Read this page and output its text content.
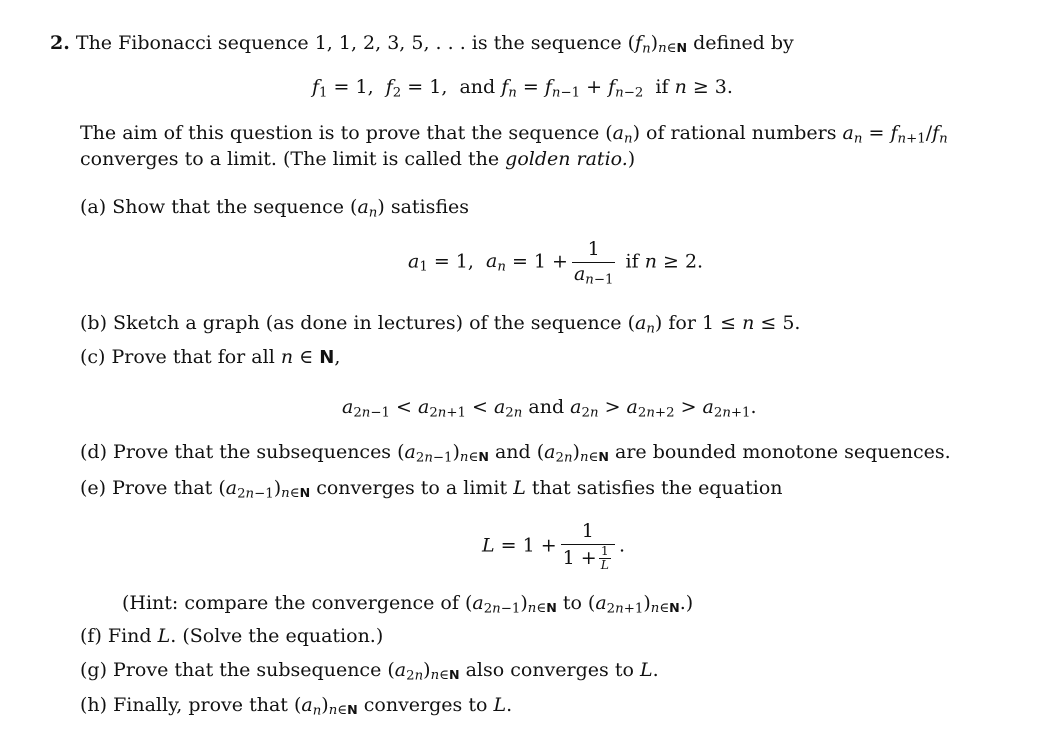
2. The Fibonacci sequence 1, 1, 2, 3, 5, . . . is the sequence $(f_n)_{n\in N}$ defined by
$f_1 = 1$,  $f_2 = 1$,  and $f_n = f_{n-1} + f_{n-2}$  if n ≥ 3.
The aim of this question is to prove that the sequence $(a_n)$ of rational numbers $a_n = f_{n+1}/f_n$
converges to a limit. (The limit is called the golden ratio.)
(a) Show that the sequence $(a_n)$ satisfies
$a_1 = 1$,  $a_n = 1 + \frac{1}{a_{n-1}}$ if n ≥ 2.
(b) Sketch a graph (as done in lectures) of the sequence $(a_n)$ for 1 ≤ n ≤ 5.
(c) Prove that for all n ∈ N,
$a_{2n-1} < a_{2n+1} < a_{2n}$ and $a_{2n} > a_{2n+2} > a_{2n+1}$.
(d) Prove that the subsequences $(a_{2n-1})_{n\in N}$ and $(a_{2n})_{n\in N}$ are bounded monotone sequences.
(e) Prove that $(a_{2n-1})_{n\in N}$ converges to a limit L that satisfies the equation
$L = 1 + \frac{1}{1 + \frac{1}{L}}$ .
(Hint: compare the convergence of $(a_{2n-1})_{n\in N}$ to $(a_{2n+1})_{n\in N}$.)
(f) Find L. (Solve the equation.)
(g) Prove that the subsequence $(a_{2n})_{n\in N}$ also converges to L.
(h) Finally, prove that $(a_n)_{n\in N}$ converges to L.
